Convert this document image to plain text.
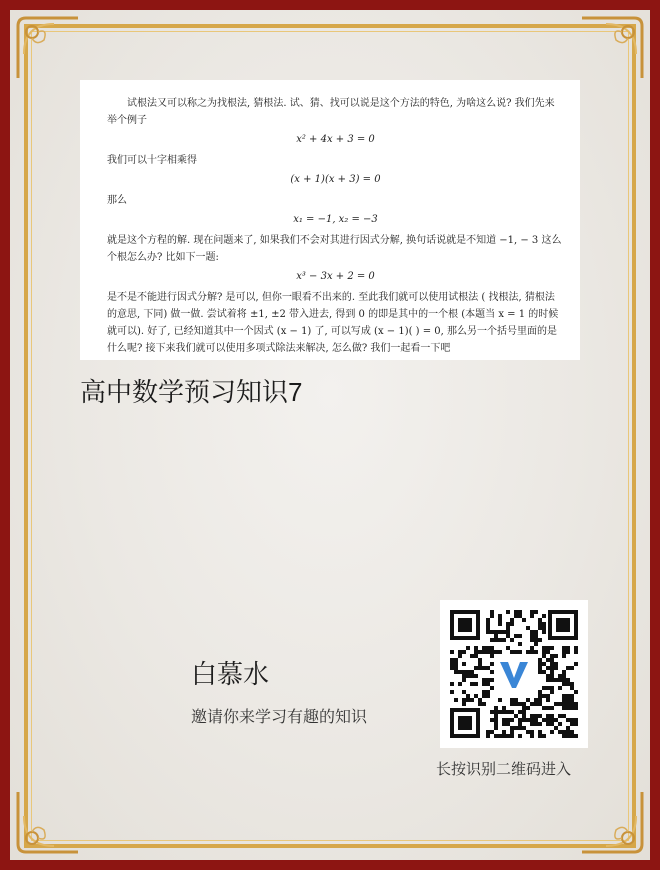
试根法又可以称之为找根法, 猜根法. 试、猜、找可以说是这个方法的特色, 为啥这么说? 我们先来举个例子

x² + 4x + 3 = 0

我们可以十字相乘得

(x + 1)(x + 3) = 0

那么

x₁ = −1, x₂ = −3

就是这个方程的解. 现在问题来了, 如果我们不会对其进行因式分解, 换句话说就是不知道 −1, − 3 这么个根怎么办? 比如下一题:

x³ − 3x + 2 = 0

是不是不能进行因式分解? 是可以, 但你一眼看不出来的. 至此我们就可以使用试根法 ( 找根法, 猜根法的意思, 下同) 做一做. 尝试着将 ±1, ±2 带入进去, 得到 0 的即是其中的一个根 (本题当 x = 1 的时候就可以). 好了, 已经知道其中一个因式 (x − 1) 了, 可以写成 (x − 1)( ) = 0, 那么另一个括号里面的是什么呢? 接下来我们就可以使用多项式除法来解决, 怎么做? 我们一起看一下吧

高中数学预习知识7
白慕水
邀请你来学习有趣的知识
长按识别二维码进入
